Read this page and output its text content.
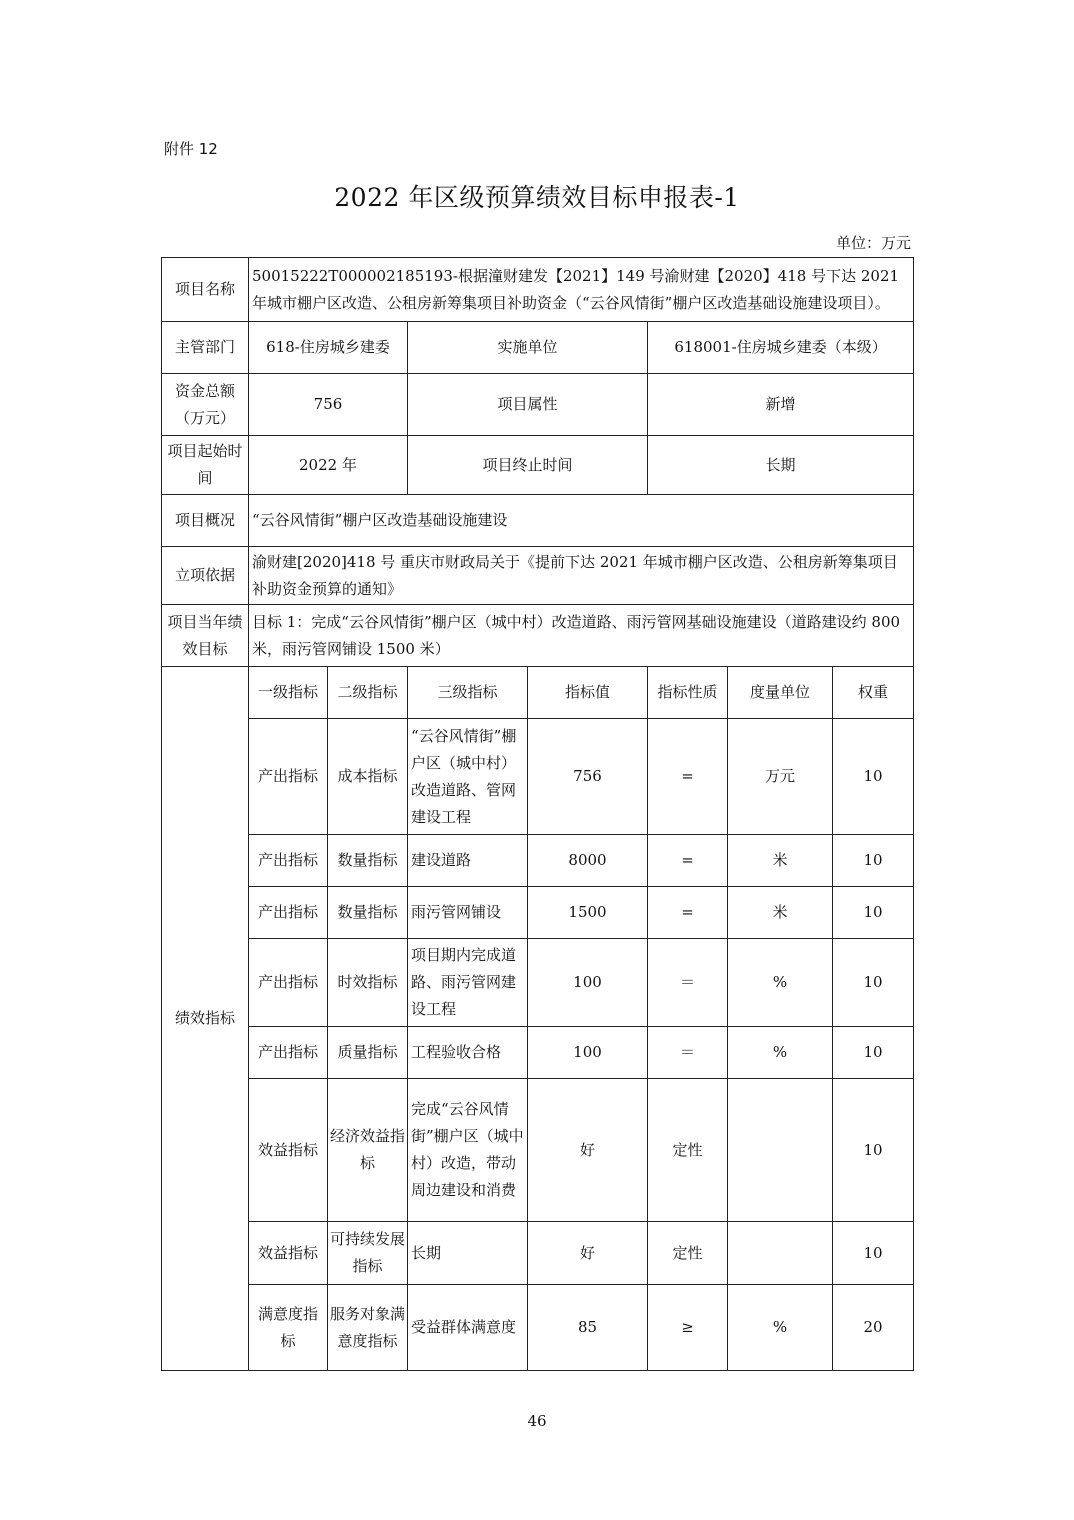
附件 12
2022 年区级预算绩效目标申报表-1
单位：万元
项目名称	50015222T000002185193-根据潼财建发【2021】149 号渝财建【2020】418 号下达 2021 年城市棚户区改造、公租房新筹集项目补助资金（“云谷风情街”棚户区改造基础设施建设项目）。						
主管部门	618-住房城乡建委		实施单位		618001-住房城乡建委（本级）		
资金总额（万元）	756		项目属性		新增		
项目起始时间	2022 年		项目终止时间		长期		
项目概况	“云谷风情街”棚户区改造基础设施建设						
立项依据	渝财建[2020]418 号 重庆市财政局关于《提前下达 2021 年城市棚户区改造、公租房新筹集项目补助资金预算的通知》						
项目当年绩效目标	目标 1：完成“云谷风情街”棚户区（城中村）改造道路、雨污管网基础设施建设（道路建设约 800 米，雨污管网铺设 1500 米）						
绩效指标	一级指标	二级指标	三级指标	指标值	指标性质	度量单位	权重
	产出指标	成本指标	“云谷风情街”棚户区（城中村）改造道路、管网建设工程	756	=	万元	10
	产出指标	数量指标	建设道路	8000	=	米	10
	产出指标	数量指标	雨污管网铺设	1500	=	米	10
	产出指标	时效指标	项目期内完成道路、雨污管网建设工程	100	＝	%	10
	产出指标	质量指标	工程验收合格	100	＝	%	10
	效益指标	经济效益指标	完成“云谷风情街”棚户区（城中村）改造，带动周边建设和消费	好	定性		10
	效益指标	可持续发展指标	长期	好	定性		10
	满意度指标	服务对象满意度指标	受益群体满意度	85	≥	%	20
46
